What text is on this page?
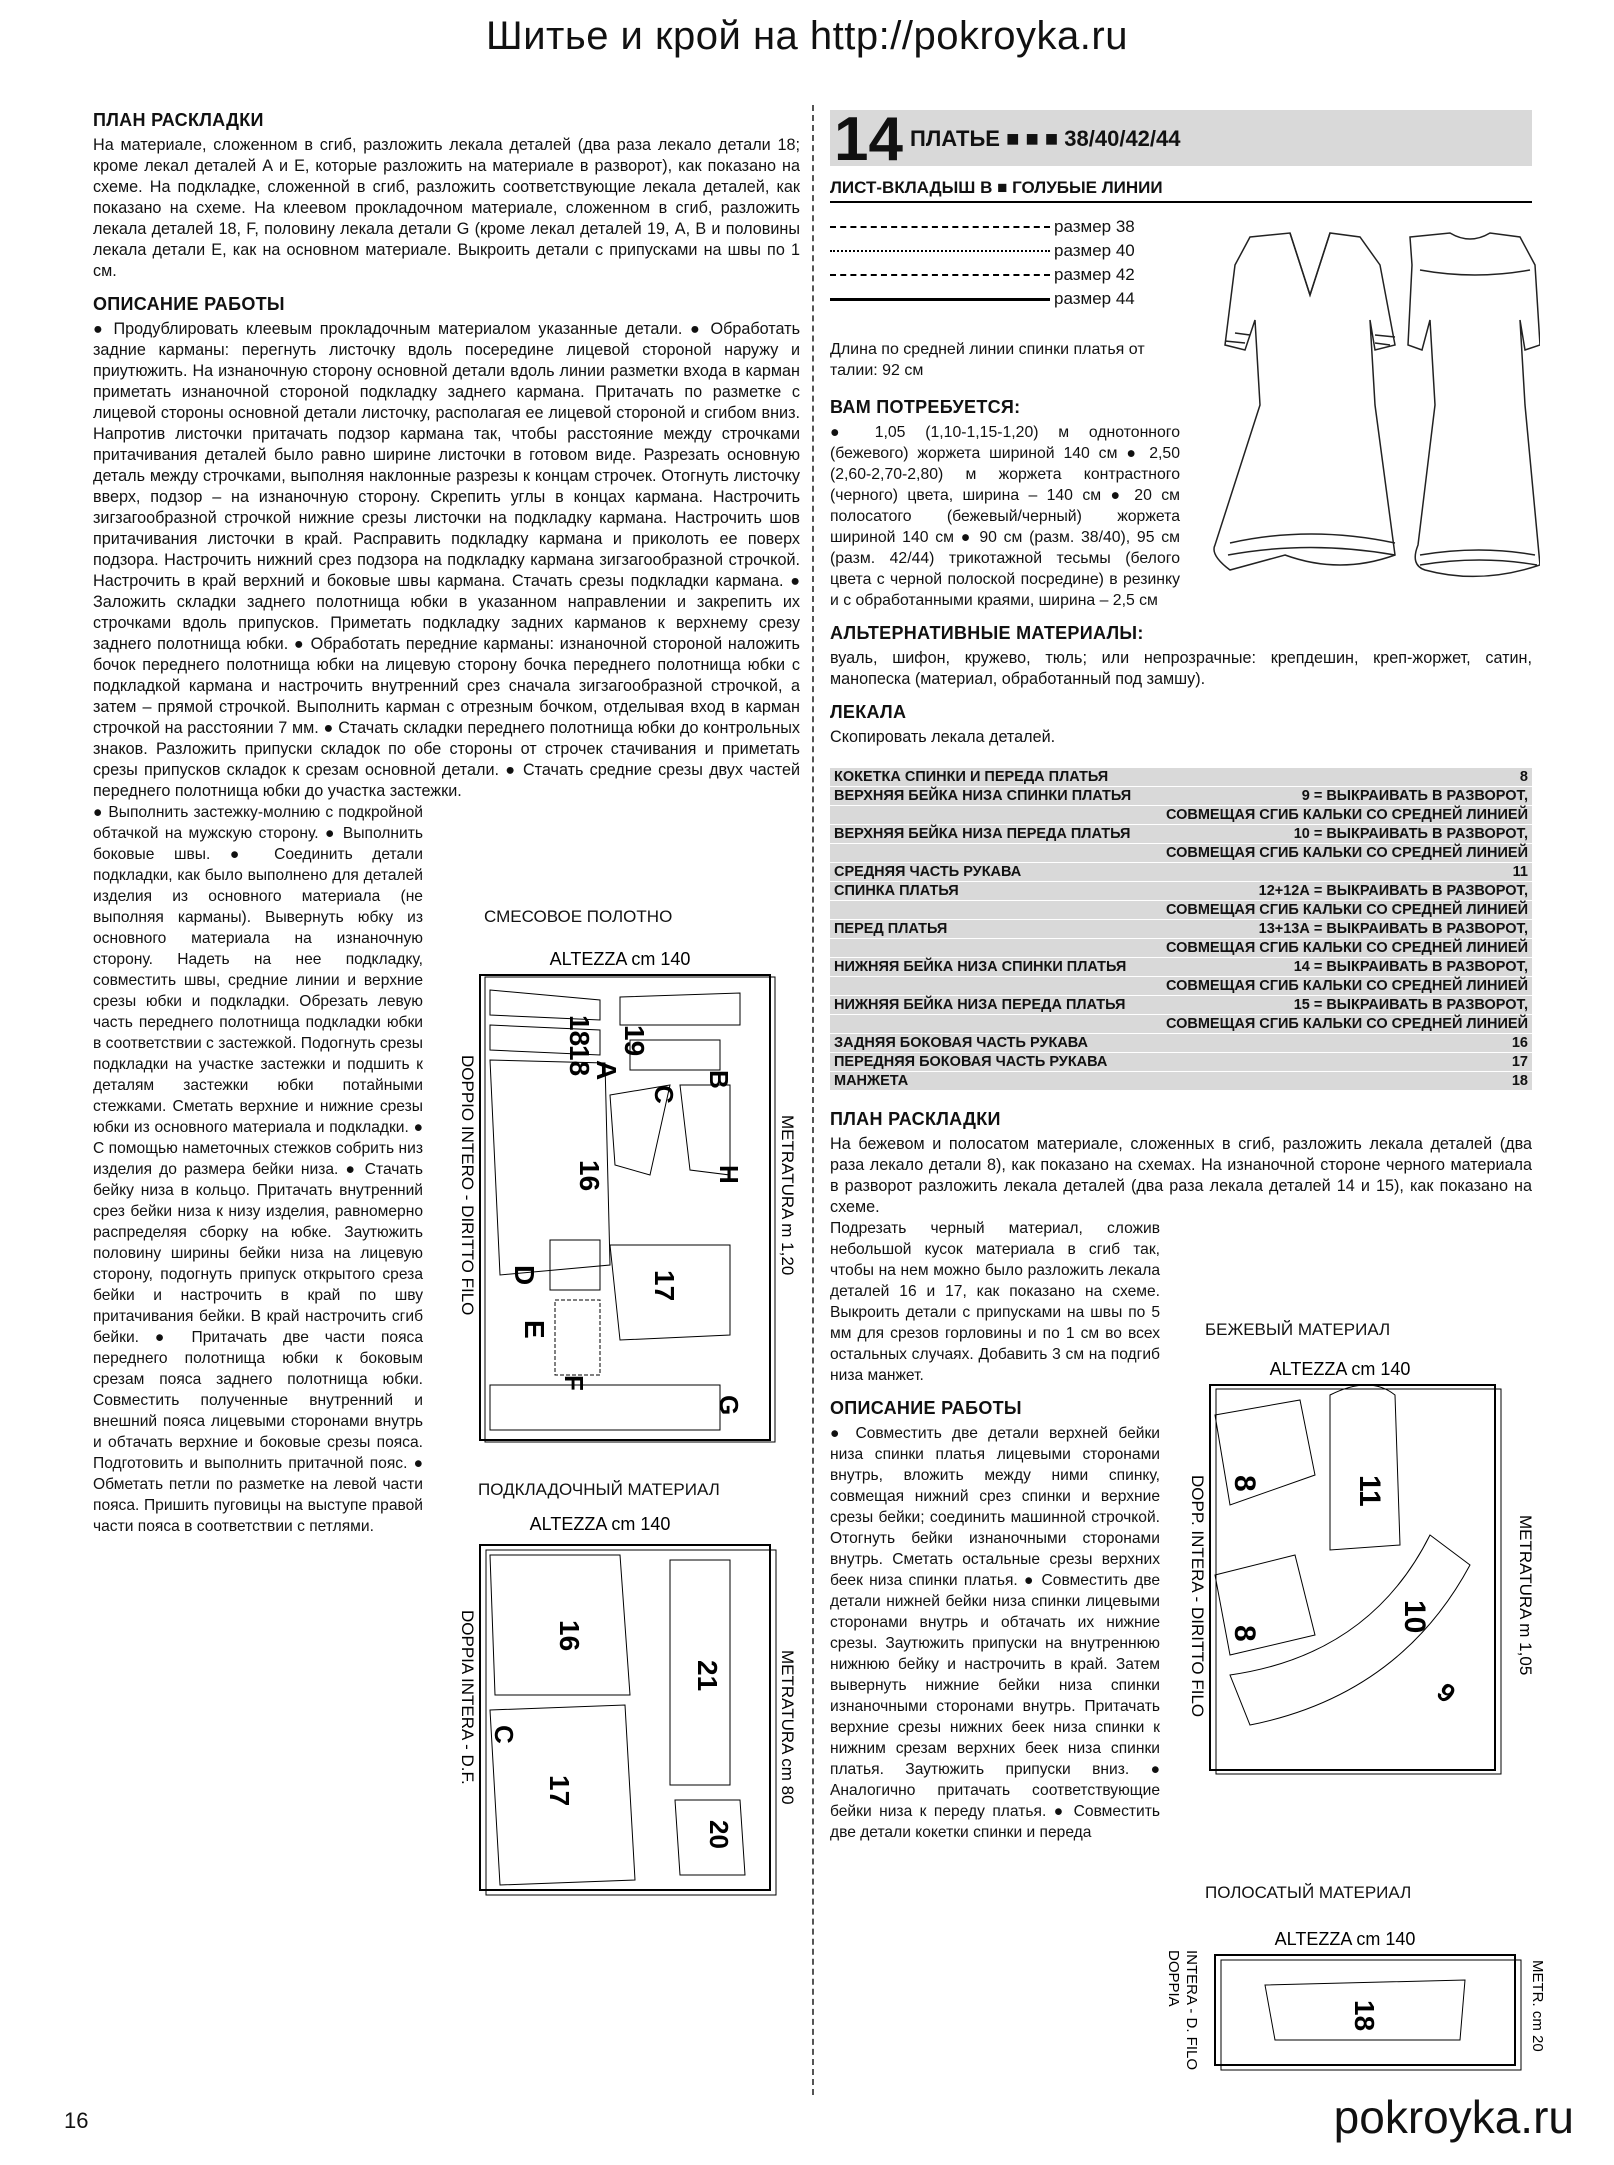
Шитье и крой на http://pokroyka.ru
ПЛАН РАСКЛАДКИ
На материале, сложенном в сгиб, разложить лекала деталей (два раза лекало детали 18; кроме лекал деталей А и Е, которые разложить на материале в разворот), как показано на схеме. На подкладке, сложенной в сгиб, разложить соответствующие лекала деталей, как показано на схеме. На клеевом прокладочном материале, сложенном в сгиб, разложить лекала деталей 18, F, половину лекала детали G (кроме лекал деталей 19, A, B и половины лекала детали E, как на основном материале. Выкроить детали с припусками на швы по 1 см.
ОПИСАНИЕ РАБОТЫ
● Продублировать клеевым прокладочным материалом указанные детали. ● Обработать задние карманы: перегнуть листочку вдоль посередине лицевой стороной наружу и приутюжить. На изнаночную сторону основной детали вдоль линии разметки входа в карман приметать изнаночной стороной подкладку заднего кармана. Притачать по разметке с лицевой стороны основной детали листочку, располагая ее лицевой стороной и сгибом вниз. Напротив листочки притачать подзор кармана так, чтобы расстояние между строчками притачивания деталей было равно ширине листочки в готовом виде. Разрезать основную деталь между строчками, выполняя наклонные разрезы к концам строчек. Отогнуть листочку вверх, подзор – на изнаночную сторону. Скрепить углы в концах кармана. Настрочить зигзагообразной строчкой нижние срезы листочки на подкладку кармана. Настрочить шов притачивания листочки в край. Расправить подкладку кармана и приколоть ее поверх подзора. Настрочить нижний срез подзора на подкладку кармана зигзагообразной строчкой. Настрочить в край верхний и боковые швы кармана. Стачать срезы подкладки кармана. ● Заложить складки заднего полотнища юбки в указанном направлении и закрепить их строчками вдоль припусков. Приметать подкладку задних карманов к верхнему срезу заднего полотнища юбки. ● Обработать передние карманы: изнаночной стороной наложить бочок переднего полотнища юбки на лицевую сторону бочка переднего полотнища юбки с подкладкой кармана и настрочить внутренний срез сначала зигзагообразной строчкой, а затем – прямой строчкой. Выполнить карман с отрезным бочком, отделывая вход в карман строчкой на расстоянии 7 мм. ● Стачать складки переднего полотнища юбки до контрольных знаков. Разложить припуски складок по обе стороны от строчек стачивания и приметать срезы припусков складок к срезам основной детали. ● Стачать средние срезы двух частей переднего полотнища юбки до участка застежки.
● Выполнить застежку-молнию с подкройной обтачкой на мужскую сторону. ● Выполнить боковые швы. ● Соединить детали подкладки, как было выполнено для деталей изделия из основного материала (не выполняя карманы). Вывернуть юбку из основного материала на изнаночную сторону. Надеть на нее подкладку, совместить швы, средние линии и верхние срезы юбки и подкладки. Обрезать левую часть переднего полотнища подкладки юбки в соответствии с застежкой. Подогнуть срезы подкладки на участке застежки и подшить к деталям застежки юбки потайными стежками. Сметать верхние и нижние срезы юбки из основного материала и подкладки. ● С помощью наметочных стежков собрить низ изделия до размера бейки низа. ● Стачать бейку низа в кольцо. Притачать внутренний срез бейки низа к низу изделия, равномерно распределяя сборку на юбке. Заутюжить половину ширины бейки низа на лицевую сторону, подогнуть припуск открытого среза бейки и настрочить в край по шву притачивания бейки. В край настрочить сгиб бейки. ● Притачать две части пояса переднего полотнища юбки к боковым срезам пояса заднего полотнища юбки. Совместить полученные внутренний и внешний пояса лицевыми сторонами внутрь и обтачать верхние и боковые срезы пояса. Подготовить и выполнить притачной пояс. ● Обметать петли по разметке на левой части пояса. Пришить пуговицы на выступе правой части пояса в соответствии с петлями.
СМЕСОВОЕ ПОЛОТНО
ALTEZZA cm 140
DOPPIO INTERO - DIRITTO FILO	METRATURA m 1,20
18
18
19
A	B
C
16	H
D
E
17
F
G
ПОДКЛАДОЧНЫЙ МАТЕРИАЛ
ALTEZZA cm 140
DOPPIA INTERA - D.F.	METRATURA cm 80
16
21
C
17
20
14 ПЛАТЬЕ ■ ■ ■ 38/40/42/44
ЛИСТ-ВКЛАДЫШ В ■ ГОЛУБЫЕ ЛИНИИ
размер 38
размер 40
размер 42
размер 44
Длина по средней линии спинки платья от талии: 92 см
ВАМ ПОТРЕБУЕТСЯ:
● 1,05 (1,10-1,15-1,20) м однотонного (бежевого) жоржета шириной 140 см ● 2,50 (2,60-2,70-2,80) м жоржета контрастного (черного) цвета, ширина – 140 см ● 20 см полосатого (бежевый/черный) жоржета шириной 140 см ● 90 см (разм. 38/40), 95 см (разм. 42/44) трикотажной тесьмы (белого цвета с черной полоской посредине) в резинку и с обработанными краями, ширина – 2,5 см
АЛЬТЕРНАТИВНЫЕ МАТЕРИАЛЫ:
вуаль, шифон, кружево, тюль; или непрозрачные: крепдешин, креп-жоржет, сатин, манопеска (материал, обработанный под замшу).
ЛЕКАЛА
Скопировать лекала деталей.
КОКЕТКА СПИНКИ И ПЕРЕДА ПЛАТЬЯ	8
ВЕРХНЯЯ БЕЙКА НИЗА СПИНКИ ПЛАТЬЯ	9 = ВЫКРАИВАТЬ В РАЗВОРОТ,
	СОВМЕЩАЯ СГИБ КАЛЬКИ СО СРЕДНЕЙ ЛИНИЕЙ
ВЕРХНЯЯ БЕЙКА НИЗА ПЕРЕДА ПЛАТЬЯ	10 = ВЫКРАИВАТЬ В РАЗВОРОТ,
	СОВМЕЩАЯ СГИБ КАЛЬКИ СО СРЕДНЕЙ ЛИНИЕЙ
СРЕДНЯЯ ЧАСТЬ РУКАВА	11
СПИНКА ПЛАТЬЯ	12+12А = ВЫКРАИВАТЬ В РАЗВОРОТ,
	СОВМЕЩАЯ СГИБ КАЛЬКИ СО СРЕДНЕЙ ЛИНИЕЙ
ПЕРЕД ПЛАТЬЯ	13+13А = ВЫКРАИВАТЬ В РАЗВОРОТ,
	СОВМЕЩАЯ СГИБ КАЛЬКИ СО СРЕДНЕЙ ЛИНИЕЙ
НИЖНЯЯ БЕЙКА НИЗА СПИНКИ ПЛАТЬЯ	14 = ВЫКРАИВАТЬ В РАЗВОРОТ,
	СОВМЕЩАЯ СГИБ КАЛЬКИ СО СРЕДНЕЙ ЛИНИЕЙ
НИЖНЯЯ БЕЙКА НИЗА ПЕРЕДА ПЛАТЬЯ	15 = ВЫКРАИВАТЬ В РАЗВОРОТ,
	СОВМЕЩАЯ СГИБ КАЛЬКИ СО СРЕДНЕЙ ЛИНИЕЙ
ЗАДНЯЯ БОКОВАЯ ЧАСТЬ РУКАВА	16
ПЕРЕДНЯЯ БОКОВАЯ ЧАСТЬ РУКАВА	17
МАНЖЕТА	18
ПЛАН РАСКЛАДКИ
На бежевом и полосатом материале, сложенных в сгиб, разложить лекала деталей (два раза лекало детали 8), как показано на схемах. На изнаночной стороне черного материала в разворот разложить лекала деталей (два раза лекала деталей 14 и 15), как показано на схеме.
Подрезать черный материал, сложив небольшой кусок материала в сгиб так, чтобы на нем можно было разложить лекала деталей 16 и 17, как показано на схеме. Выкроить детали с припусками на швы по 5 мм для срезов горловины и по 1 см во всех остальных случаях. Добавить 3 см на подгиб низа манжет.
ОПИСАНИЕ РАБОТЫ
● Совместить две детали верхней бейки низа спинки платья лицевыми сторонами внутрь, вложить между ними спинку, совмещая нижний срез спинки и верхние срезы бейки; соединить машинной строчкой. Отогнуть бейки изнаночными сторонами внутрь. Сметать остальные срезы верхних беек низа спинки платья. ● Совместить две детали нижней бейки низа спинки лицевыми сторонами внутрь и обтачать их нижние срезы. Заутюжить припуски на внутреннюю нижнюю бейку и настрочить в край. Затем вывернуть нижние бейки низа спинки изнаночными сторонами внутрь. Притачать верхние срезы нижних беек низа спинки к нижним срезам верхних беек низа спинки платья. Заутюжить припуски вниз. ● Аналогично притачать соответствующие бейки низа к переду платья. ● Совместить две детали кокетки спинки и переда
БЕЖЕВЫЙ МАТЕРИАЛ
ALTEZZA cm 140
DOPP. INTERA - DIRITTO FILO	METRATURA m 1,05
8	11
8	10
9
ПОЛОСАТЫЙ МАТЕРИАЛ
ALTEZZA cm 140
DOPPIA INTERA - D. FILO	METR. cm 20
18
16	pokroyka.ru
